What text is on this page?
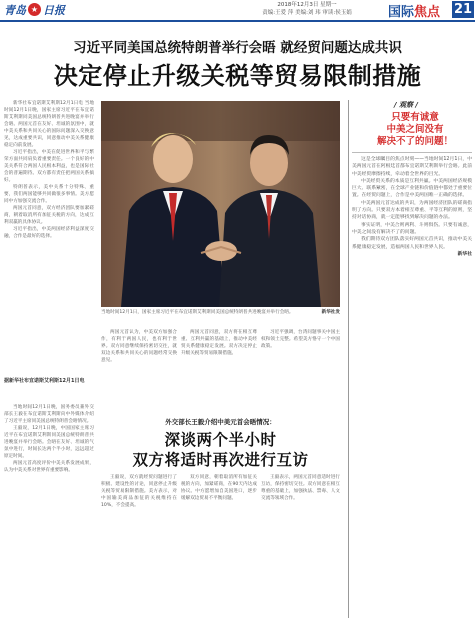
青岛 ★ 日报	2018年12月3日 星期一
责编:王爱 萍 美编:刘 玮 审读:侯玉娟	国际 焦点 21
习近平同美国总统特朗普举行会晤 就经贸问题达成共识
决定停止升级关税等贸易限制措施

新华社布宜诺斯艾利斯12月1日电 当地时间12月1日晚，国家主席习近平在布宜诺斯艾利斯同美国总统特朗普共进晚宴并举行会晤。两国元首在友好、坦诚的氛围中，就中美关系和共同关心的国际问题深入交换意见，达成重要共识，同意推动中美关系健康稳定向前发展。

习近平指出，中美在促进世界和平与繁荣方面共同肩负着重要责任。一个良好的中美关系符合两国人民根本利益，也是国际社会的普遍期待。双方都有责任把两国关系搞好。

特朗普表示，美中关系十分特殊、重要，我们两国能够共同做很多事情。美方愿同中方加强交流合作。

两国元首同意，双方经济团队要加紧磋商，朝着取消所有加征关税的方向，达成互利双赢的具体协议。

习近平指出，中美两国经济利益深度交融，合作是最好的选择。

据新华社布宜诺斯艾利斯12月1日电

当地时间12月1日晚，国务委员兼外交部长王毅在布宜诺斯艾利斯向中外媒体介绍了习近平主席同美国总统特朗普会晤情况。

王毅说，12月1日晚，中国国家主席习近平在布宜诺斯艾利斯同美国总统特朗普共进晚宴并举行会晤。会晤在友好、坦诚的气氛中进行，时间长达两个半小时，远远超过原定时间。

两国元首高度评价中美关系发展成果，认为中美关系对世界有重要影响。

当地时间12月1日，国家主席习近平在布宜诺斯艾利斯同美国总统特朗普共进晚宴并举行会晤。	新华社发

两国元首认为，中美双方加强合作，有利于两国人民，也有利于世界。双方同意继续保持密切交往，就双边关系和共同关心的问题经常交换意见。

两国元首同意，双方将在相互尊重、互利共赢的基础上，推动中美经贸关系健康稳定发展。双方决定停止升级关税等贸易限制措施。

习近平强调，台湾问题事关中国主权和领土完整。希望美方恪守一个中国政策。

外交部长王毅介绍中美元首会晤情况：
深谈两个半小时
双方将适时再次进行互访

王毅说，双方就经贸问题进行了积极、建设性的讨论，同意停止升级关税等贸易限制措施。美方表示，对中国输美商品加征的关税维持在10%，不会提高。

双方同意，朝着取消所有加征关税的方向，加紧磋商，在90天内达成协议。中方愿增加自美国进口，逐步缓解双边贸易不平衡问题。

王毅表示，两国元首同意适时进行互访，保持密切交往。双方同意在相互尊重的基础上，加强执法、禁毒、人文交流等领域合作。

/ 观察 /
只要有诚意
中美之间没有
解决不了的问题！

这是全球瞩目的焦点时刻——当地时间12月1日，中美两国元首在阿根廷首都布宜诺斯艾利斯举行会晤。此前中美经贸摩擦持续，牵动着全世界的目光。

中美经贸关系的本质是互利共赢。中美两国经济规模巨大、联系紧密，在全球产业链和价值链中都处于重要位置。在经贸问题上，合作是中美两国唯一正确的选择。

中美两国元首达成的共识，为两国经济团队的磋商指明了方向。只要双方本着相互尊重、平等互利的原则，坚持对话协商，就一定能够找到解决问题的办法。

事实证明，中美合则两利、斗则俱伤。只要有诚意，中美之间没有解决不了的问题。

我们期待双方团队落实好两国元首共识，推动中美关系健康稳定发展，造福两国人民和世界人民。

新华社
